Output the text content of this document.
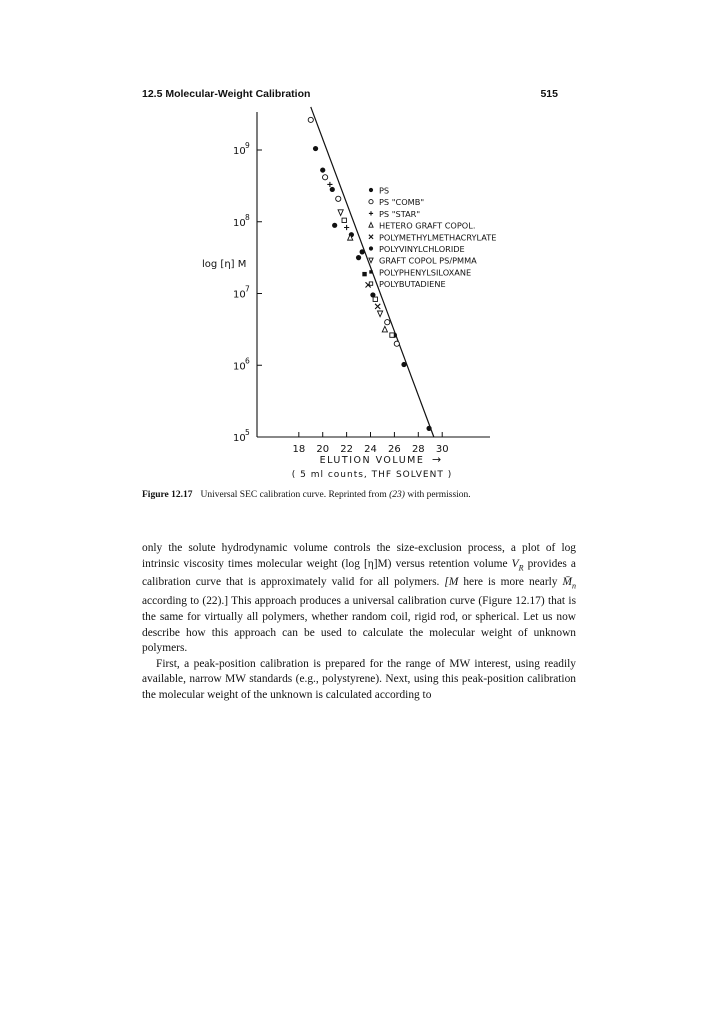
12.5 Molecular-Weight Calibration	515
10
9
10
8
10
7
10
6
10
5
18 20 22 24 26 28 30
PS
PS "COMB"
PS "STAR"
HETERO GRAFT COPOL.
POLYMETHYLMETHACRYLATE
POLYVINYLCHLORIDE
GRAFT COPOL PS/PMMA
POLYPHENYLSILOXANE
POLYBUTADIENE
log [η] M
ELUTION VOLUME →
( 5 ml counts, THF SOLVENT )
Figure 12.17 Universal SEC calibration curve. Reprinted from (23) with permission.

only the solute hydrodynamic volume controls the size-exclusion process, a plot of log intrinsic viscosity times molecular weight (log [η]M) versus retention volume $V_R$ provides a calibration curve that is approximately valid for all polymers. [M here is more nearly $M̄_n$ according to (22).] This approach produces a universal calibration curve (Figure 12.17) that is the same for virtually all polymers, whether random coil, rigid rod, or spherical. Let us now describe how this approach can be used to calculate the molecular weight of unknown polymers.

First, a peak-position calibration is prepared for the range of MW interest, using readily available, narrow MW standards (e.g., polystyrene). Next, using this peak-position calibration the molecular weight of the unknown is calculated according to
